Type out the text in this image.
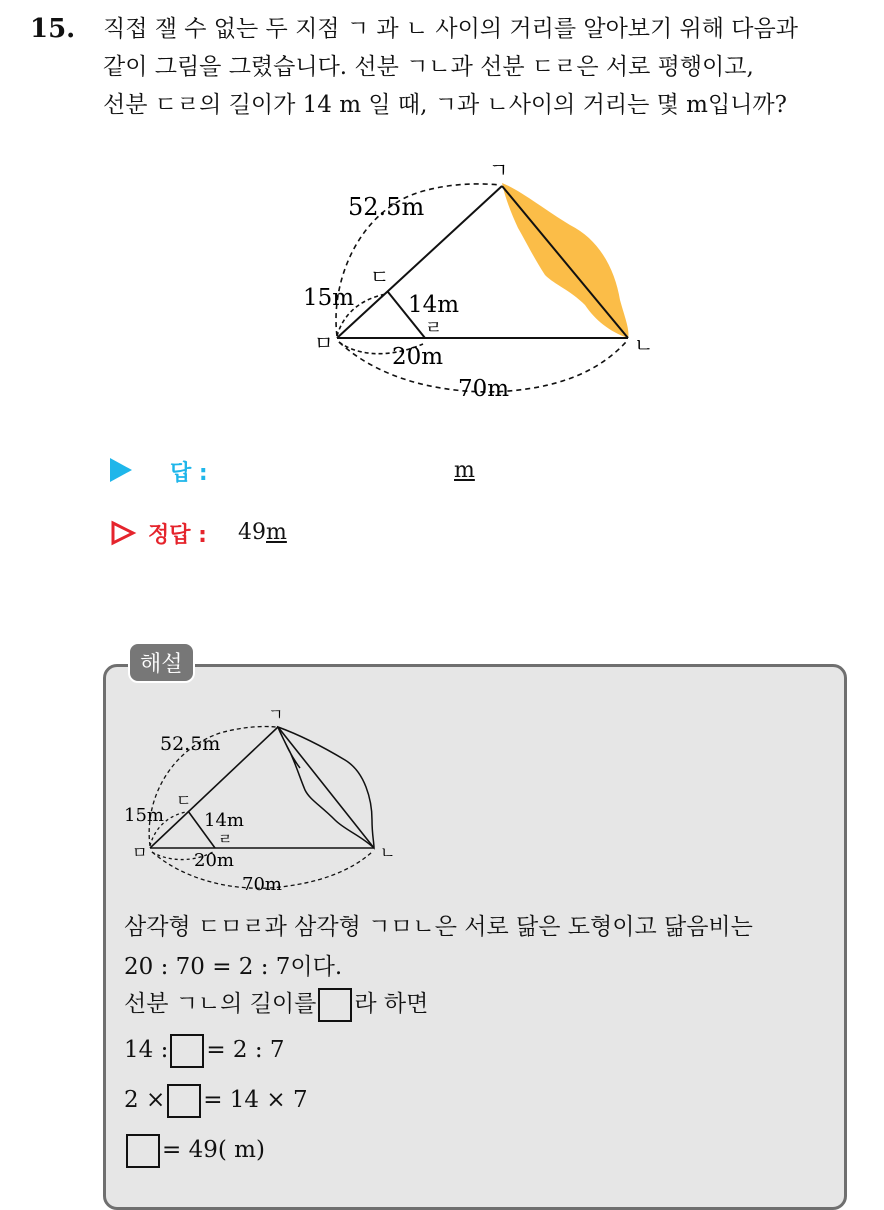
15. 직접 잴 수 없는 두 지점 ㄱ 과 ㄴ 사이의 거리를 알아보기 위해 다음과
같이 그림을 그렸습니다. 선분 ㄱㄴ과 선분 ㄷㄹ은 서로 평행이고,
선분 ㄷㄹ의 길이가 14 m 일 때, ㄱ과 ㄴ사이의 거리는 몇 m입니까?
ㄱ
ㄴ
ㄷ
ㄹ
ㅁ
52.5m
15m 14m
20m
70m
답 :	m
정답 : 49m
해설
ㄱ
ㄴ
ㄷ
ㄹ
ㅁ
52.5m
15m 14m
20m
70m
삼각형 ㄷㅁㄹ과 삼각형 ㄱㅁㄴ은 서로 닮은 도형이고 닮음비는
20 : 70 = 2 : 7이다.
선분 ㄱㄴ의 길이를 라 하면
14 : = 2 : 7
2 × = 14 × 7
= 49( m)
